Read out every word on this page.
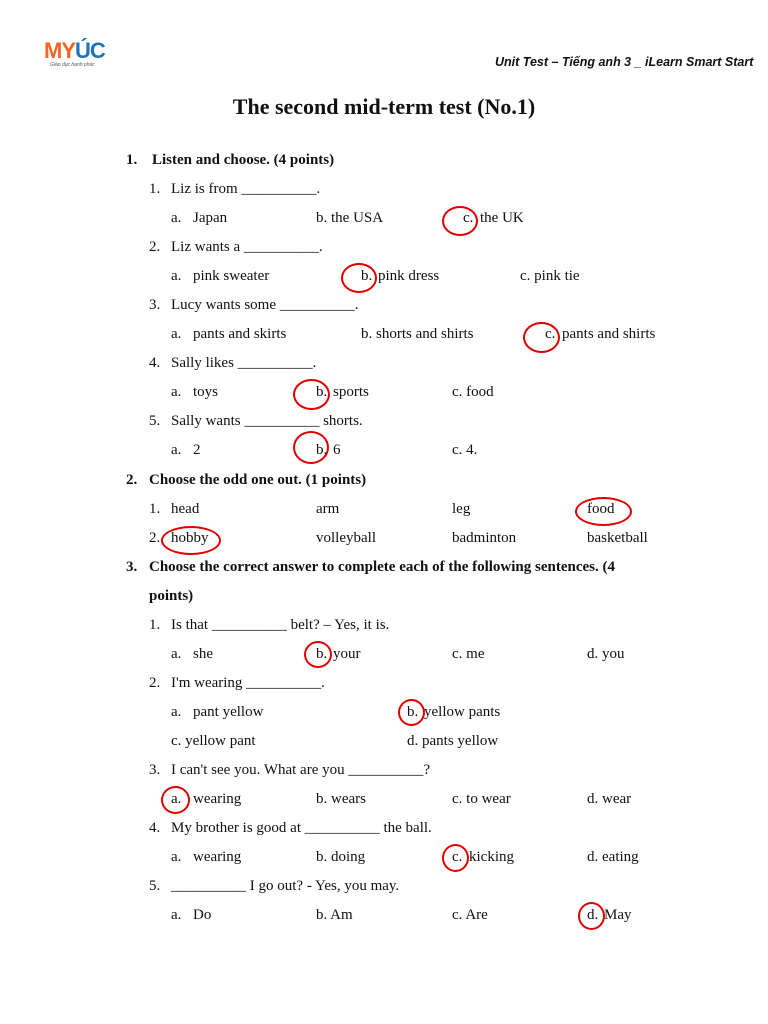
MYÚC
Giáo dục hạnh phúc	Unit Test – Tiếng anh 3 _ iLearn Smart Start
The second mid-term test (No.1)
1. Listen and choose. (4 points)
1. Liz is from __________.
a. Japan	b. the USA	c. the UK
2. Liz wants a __________.
a. pink sweater	b. pink dress	c. pink tie
3. Lucy wants some __________.
a. pants and skirts	b. shorts and shirts	c. pants and shirts
4. Sally likes __________.
a. toys	b. sports	c. food
5. Sally wants __________ shorts.
a. 2	b. 6	c. 4.
2. Choose the odd one out. (1 points)
1. head	arm	leg	food
2. hobby	volleyball	badminton	basketball
3. Choose the correct answer to complete each of the following sentences. (4
points)
1. Is that __________ belt? – Yes, it is.
a. she	b. your	c. me	d. you
2. I'm wearing __________.
a. pant yellow	b. yellow pants
c. yellow pant	d. pants yellow
3. I can't see you. What are you __________?
a. wearing	b. wears	c. to wear	d. wear
4. My brother is good at __________ the ball.
a. wearing	b. doing	c. kicking	d. eating
5. __________ I go out? - Yes, you may.
a. Do	b. Am	c. Are	d. May
